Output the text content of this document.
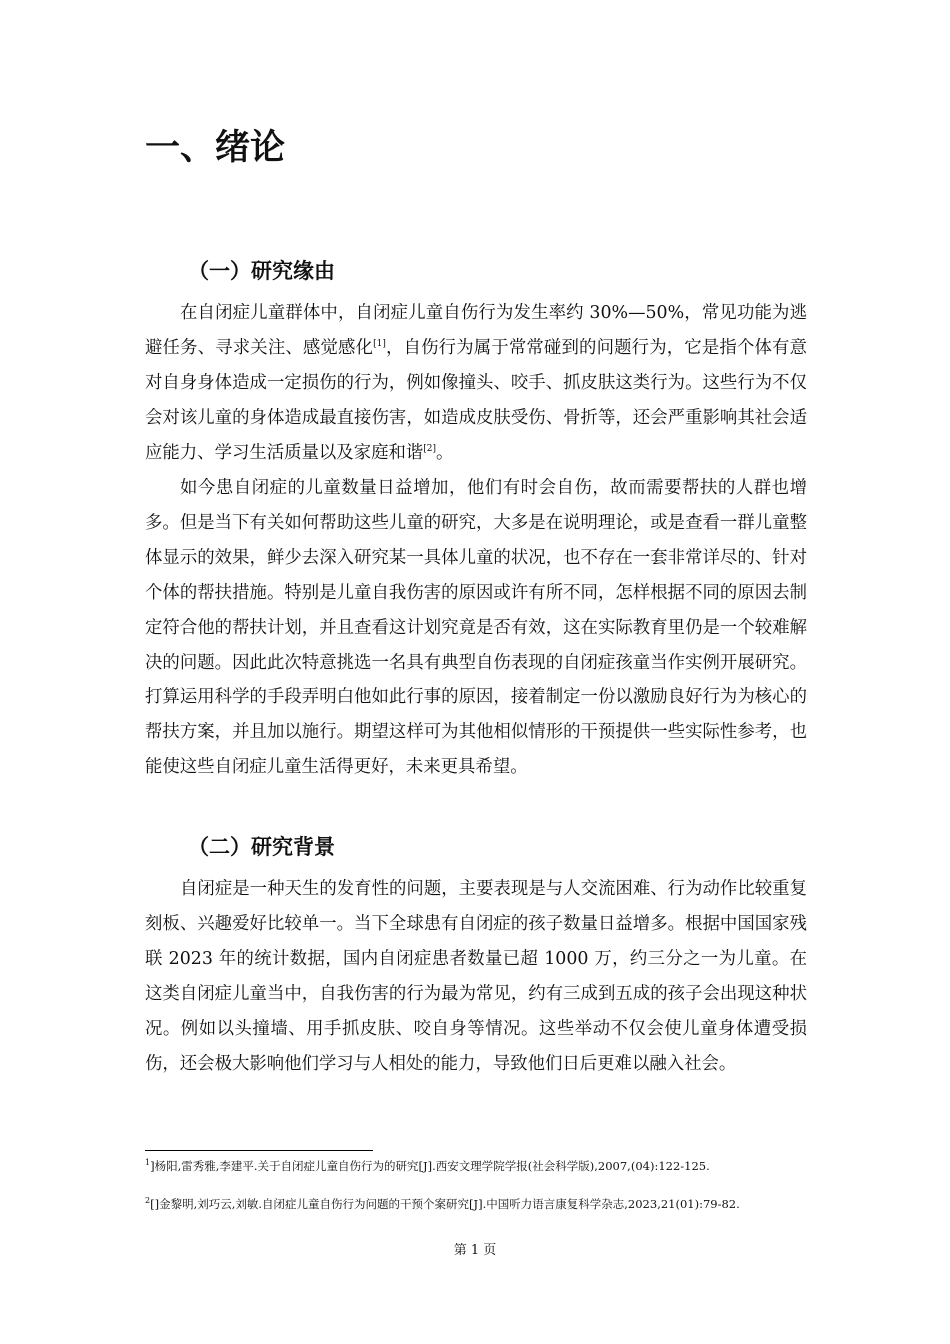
一、绪论
（一）研究缘由

在自闭症儿童群体中，自闭症儿童自伤行为发生率约 30%—50%，常见功能为逃避任务、寻求关注、感觉感化[1]，自伤行为属于常常碰到的问题行为，它是指个体有意对自身身体造成一定损伤的行为，例如像撞头、咬手、抓皮肤这类行为。这些行为不仅会对该儿童的身体造成最直接伤害，如造成皮肤受伤、骨折等，还会严重影响其社会适应能力、学习生活质量以及家庭和谐[2]。

如今患自闭症的儿童数量日益增加，他们有时会自伤，故而需要帮扶的人群也增多。但是当下有关如何帮助这些儿童的研究，大多是在说明理论，或是查看一群儿童整体显示的效果，鲜少去深入研究某一具体儿童的状况，也不存在一套非常详尽的、针对个体的帮扶措施。特别是儿童自我伤害的原因或许有所不同，怎样根据不同的原因去制定符合他的帮扶计划，并且查看这计划究竟是否有效，这在实际教育里仍是一个较难解决的问题。因此此次特意挑选一名具有典型自伤表现的自闭症孩童当作实例开展研究。打算运用科学的手段弄明白他如此行事的原因，接着制定一份以激励良好行为为核心的帮扶方案，并且加以施行。期望这样可为其他相似情形的干预提供一些实际性参考，也能使这些自闭症儿童生活得更好，未来更具希望。

（二）研究背景

自闭症是一种天生的发育性的问题，主要表现是与人交流困难、行为动作比较重复刻板、兴趣爱好比较单一。当下全球患有自闭症的孩子数量日益增多。根据中国国家残联 2023 年的统计数据，国内自闭症患者数量已超 1000 万，约三分之一为儿童。在这类自闭症儿童当中，自我伤害的行为最为常见，约有三成到五成的孩子会出现这种状况。例如以头撞墙、用手抓皮肤、咬自身等情况。这些举动不仅会使儿童身体遭受损伤，还会极大影响他们学习与人相处的能力，导致他们日后更难以融入社会。

$^1$]杨阳,雷秀雅,李建平.关于自闭症儿童自伤行为的研究[J].西安文理学院学报(社会科学版),2007,(04):122-125.

$^2$[]金黎明,刘巧云,刘敏.自闭症儿童自伤行为问题的干预个案研究[J].中国听力语言康复科学杂志,2023,21(01):79-82.

第 1 页
